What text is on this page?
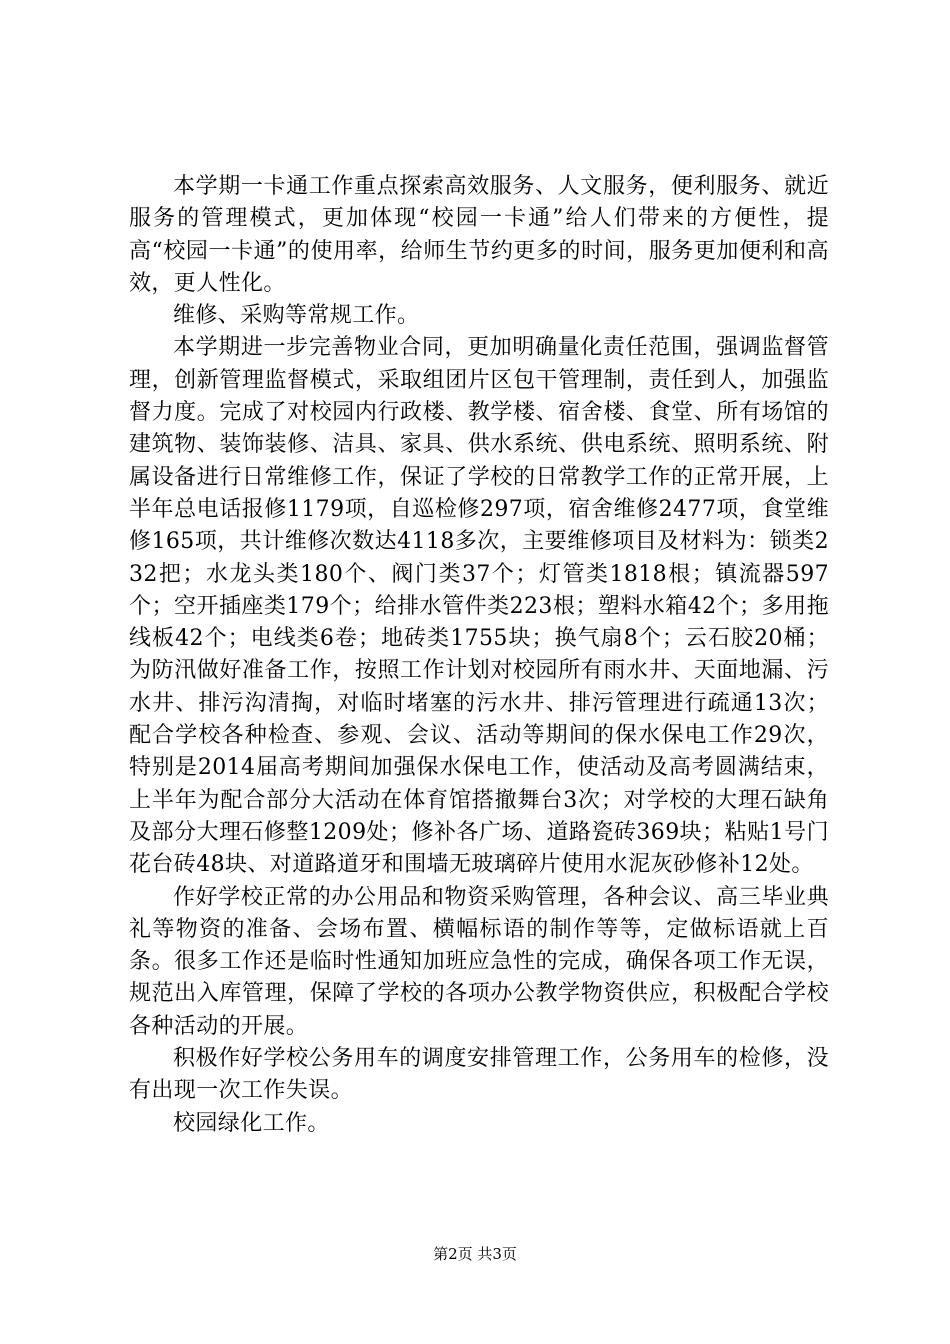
本学期一卡通工作重点探索高效服务、人文服务，便利服务、就近服务的管理模式，更加体现“校园一卡通”给人们带来的方便性，提高“校园一卡通”的使用率，给师生节约更多的时间，服务更加便利和高效，更人性化。

维修、采购等常规工作。

本学期进一步完善物业合同，更加明确量化责任范围，强调监督管理，创新管理监督模式，采取组团片区包干管理制，责任到人，加强监督力度。完成了对校园内行政楼、教学楼、宿舍楼、食堂、所有场馆的建筑物、装饰装修、洁具、家具、供水系统、供电系统、照明系统、附属设备进行日常维修工作，保证了学校的日常教学工作的正常开展，上半年总电话报修1179项，自巡检修297项，宿舍维修2477项，食堂维修165项，共计维修次数达4118多次，主要维修项目及材料为：锁类232把；水龙头类180个、阀门类37个；灯管类1818根；镇流器597个；空开插座类179个；给排水管件类223根；塑料水箱42个；多用拖线板42个；电线类6卷；地砖类1755块；换气扇8个；云石胶20桶；为防汛做好准备工作，按照工作计划对校园所有雨水井、天面地漏、污水井、排污沟清掏，对临时堵塞的污水井、排污管理进行疏通13次；配合学校各种检查、参观、会议、活动等期间的保水保电工作29次，特别是2014届高考期间加强保水保电工作，使活动及高考圆满结束，上半年为配合部分大活动在体育馆搭撤舞台3次；对学校的大理石缺角及部分大理石修整1209处；修补各广场、道路瓷砖369块；粘贴1号门花台砖48块、对道路道牙和围墙无玻璃碎片使用水泥灰砂修补12处。

作好学校正常的办公用品和物资采购管理，各种会议、高三毕业典礼等物资的准备、会场布置、横幅标语的制作等等，定做标语就上百条。很多工作还是临时性通知加班应急性的完成，确保各项工作无误，规范出入库管理，保障了学校的各项办公教学物资供应，积极配合学校各种活动的开展。

积极作好学校公务用车的调度安排管理工作，公务用车的检修，没有出现一次工作失误。

校园绿化工作。

第2页 共3页
